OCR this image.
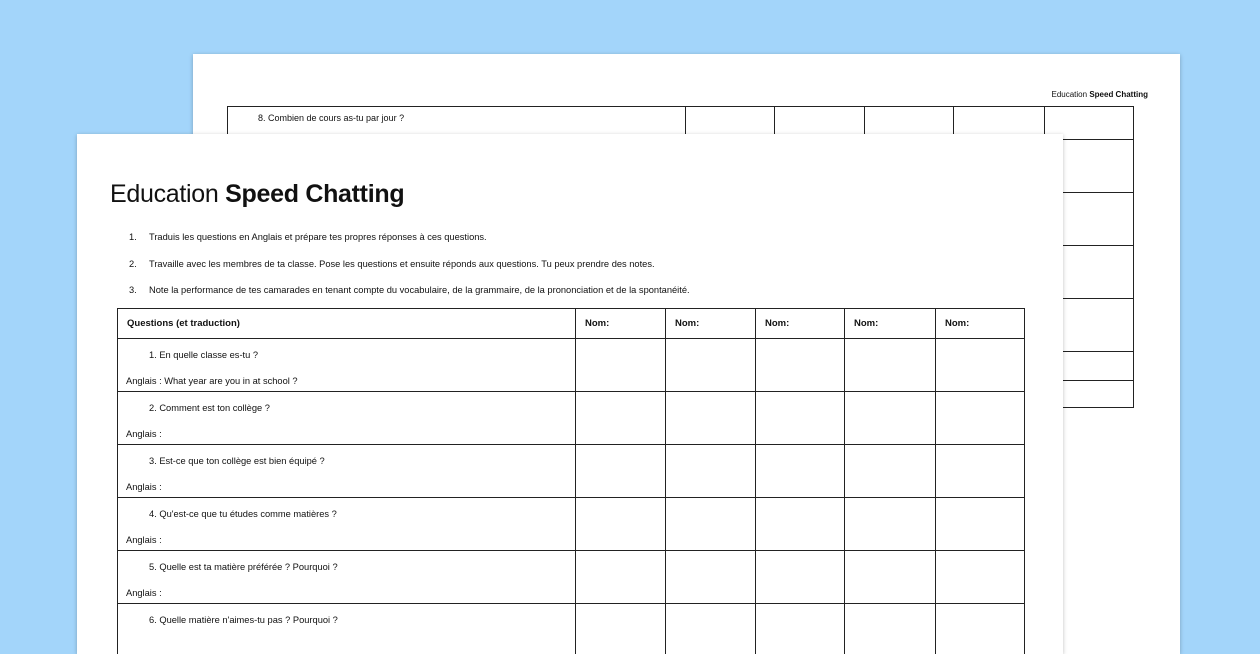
Education Speed Chatting
8. Combien de cours as-tu par jour ?					

Education Speed Chatting
1.	Traduis les questions en Anglais et prépare tes propres réponses à ces questions.
2.	Travaille avec les membres de ta classe. Pose les questions et ensuite réponds aux questions. Tu peux prendre des notes.
3.	Note la performance de tes camarades en tenant compte du vocabulaire, de la grammaire, de la prononciation et de la spontanéité.
Questions (et traduction)	Nom:	Nom:	Nom:	Nom:	Nom:

1. En quelle classe es-tu ?
Anglais : What year are you in at school ?					

2. Comment est ton collège ?
Anglais :					

3. Est-ce que ton collège est bien équipé ?
Anglais :					

4. Qu'est-ce que tu études comme matières ?
Anglais :					

5. Quelle est ta matière préférée ? Pourquoi ?
Anglais :					

6. Quelle matière n'aimes-tu pas ? Pourquoi ?					
